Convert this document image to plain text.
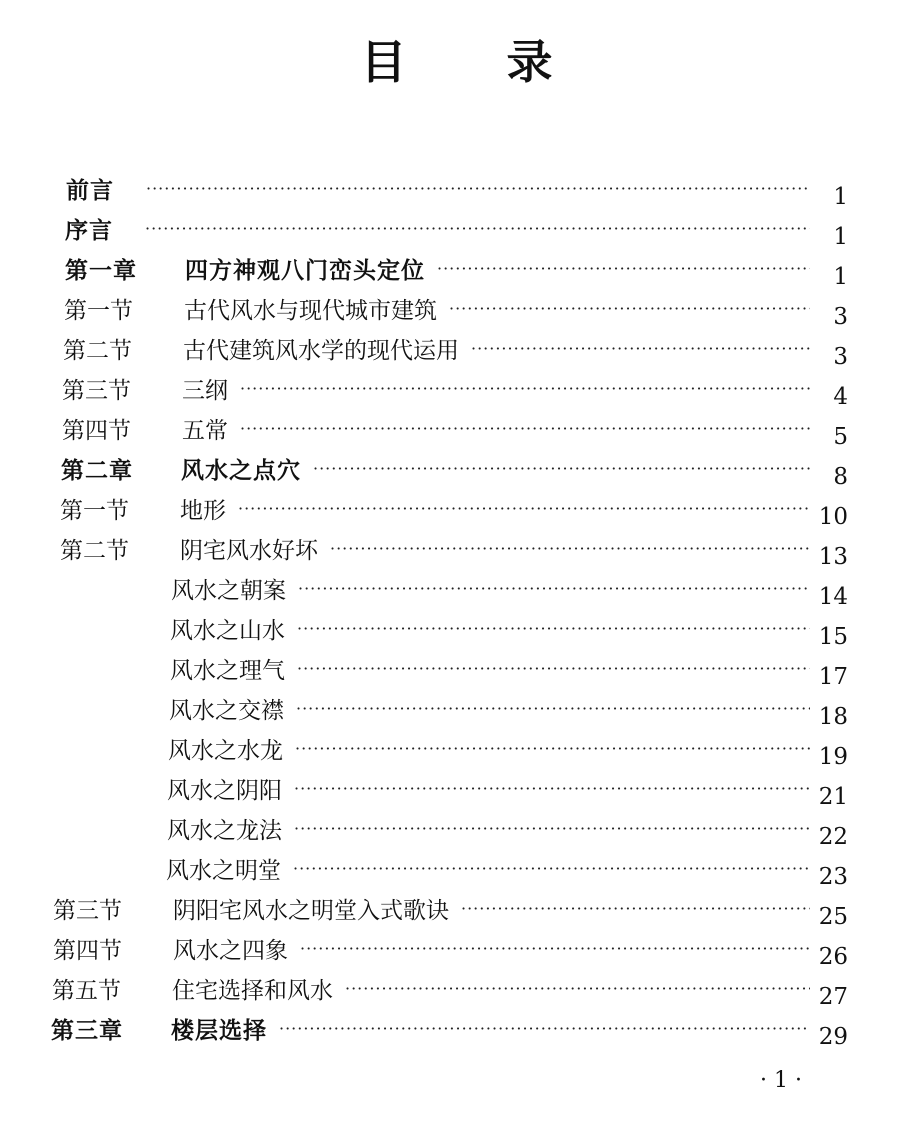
目 录
前言 ·····	1
序言 ·····	1
第一章	四方神观八门峦头定位 ·····	1
第一节	古代风水与现代城市建筑 ·····	3
第二节	古代建筑风水学的现代运用 ·····	3
第三节	三纲 ·····	4
第四节	五常 ·····	5
第二章	风水之点穴 ·····	8
第一节	地形 ·····	10
第二节	阴宅风水好坏 ·····	13
风水之朝案 ·····	14
风水之山水 ·····	15
风水之理气 ·····	17
风水之交襟 ·····	18
风水之水龙 ·····	19
风水之阴阳 ·····	21
风水之龙法 ·····	22
风水之明堂 ·····	23
第三节	阴阳宅风水之明堂入式歌诀 ·····	25
第四节	风水之四象 ·····	26
第五节	住宅选择和风水 ·····	27
第三章	楼层选择 ·····	29
· 1 ·
